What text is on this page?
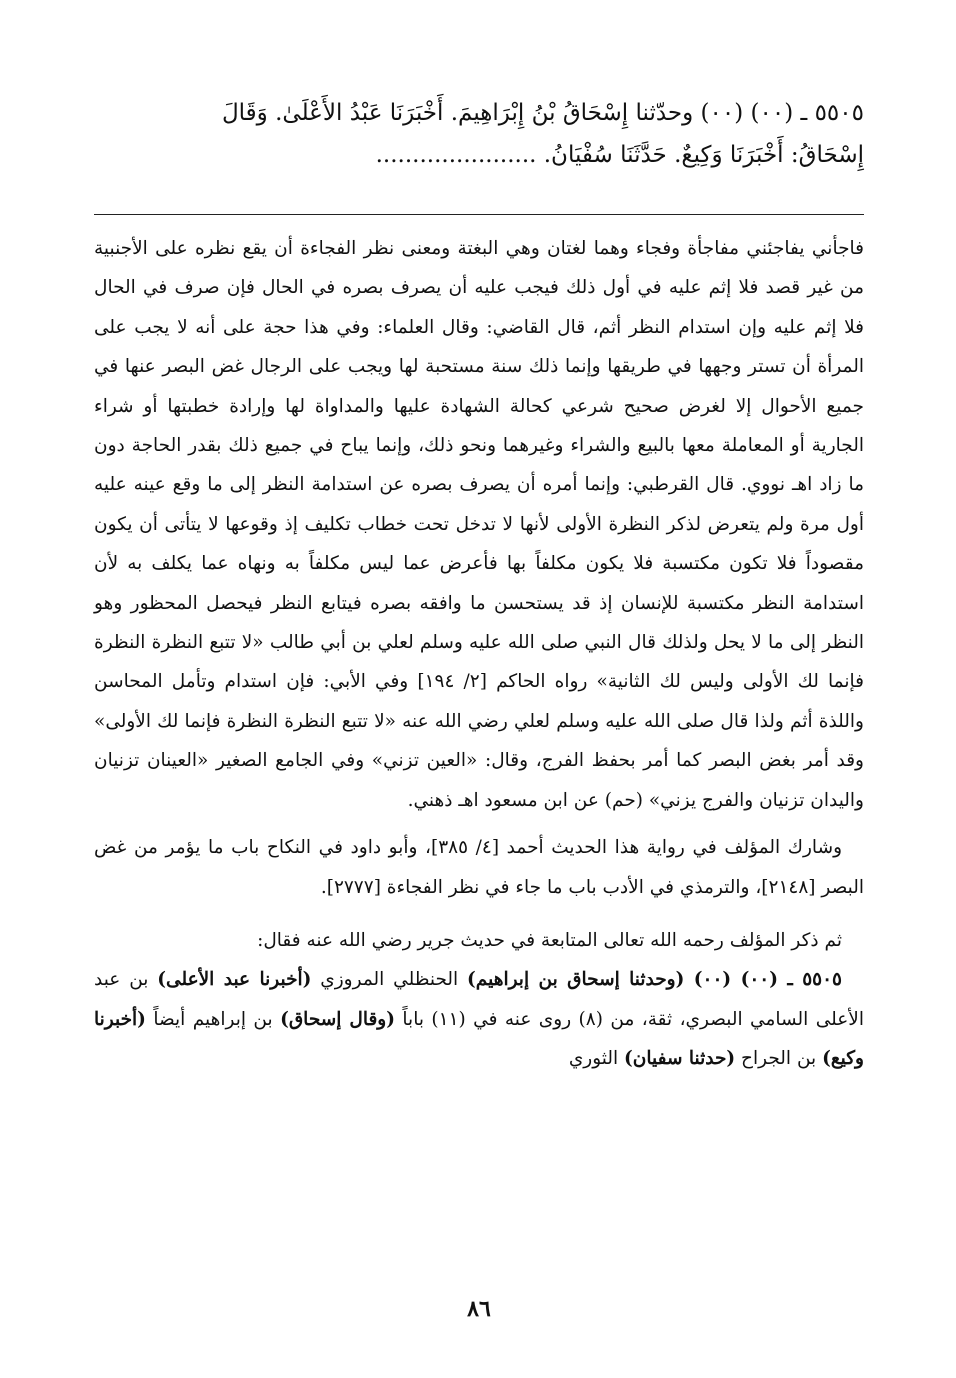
٥٥٠٥ ـ (٠٠) (٠٠) وحدّثنا إِسْحَاقُ بْنُ إِبْرَاهِيمَ. أَخْبَرَنَا عَبْدُ الأَعْلَىٰ. وَقَالَ
إِسْحَاقُ: أَخْبَرَنَا وَكِيعٌ. حَدَّثَنَا سُفْيَانُ. ......................

فاجأني يفاجئني مفاجأة وفجاء وهما لغتان وهي البغتة ومعنى نظر الفجاءة أن يقع نظره على الأجنبية من غير قصد فلا إثم عليه في أول ذلك فيجب عليه أن يصرف بصره في الحال فإن صرف في الحال فلا إثم عليه وإن استدام النظر أثم، قال القاضي: وقال العلماء: وفي هذا حجة على أنه لا يجب على المرأة أن تستر وجهها في طريقها وإنما ذلك سنة مستحبة لها ويجب على الرجال غض البصر عنها في جميع الأحوال إلا لغرض صحيح شرعي كحالة الشهادة عليها والمداواة لها وإرادة خطبتها أو شراء الجارية أو المعاملة معها بالبيع والشراء وغيرهما ونحو ذلك، وإنما يباح في جميع ذلك بقدر الحاجة دون ما زاد اهـ نووي. قال القرطبي: وإنما أمره أن يصرف بصره عن استدامة النظر إلى ما وقع عينه عليه أول مرة ولم يتعرض لذكر النظرة الأولى لأنها لا تدخل تحت خطاب تكليف إذ وقوعها لا يتأتى أن يكون مقصوداً فلا تكون مكتسبة فلا يكون مكلفاً بها فأعرض عما ليس مكلفاً به ونهاه عما يكلف به لأن استدامة النظر مكتسبة للإنسان إذ قد يستحسن ما وافقه بصره فيتابع النظر فيحصل المحظور وهو النظر إلى ما لا يحل ولذلك قال النبي صلى الله عليه وسلم لعلي بن أبي طالب «لا تتبع النظرة النظرة فإنما لك الأولى وليس لك الثانية» رواه الحاكم [٢/ ١٩٤] وفي الأبي: فإن استدام وتأمل المحاسن واللذة أثم ولذا قال صلى الله عليه وسلم لعلي رضي الله عنه «لا تتبع النظرة النظرة فإنما لك الأولى» وقد أمر بغض البصر كما أمر بحفظ الفرج، وقال: «العين تزني» وفي الجامع الصغير «العينان تزنيان واليدان تزنيان والفرج يزني» (حم) عن ابن مسعود اهـ ذهني.

وشارك المؤلف في رواية هذا الحديث أحمد [٤/ ٣٨٥]، وأبو داود في النكاح باب ما يؤمر من غض البصر [٢١٤٨]، والترمذي في الأدب باب ما جاء في نظر الفجاءة [٢٧٧٧].

ثم ذكر المؤلف رحمه الله تعالى المتابعة في حديث جرير رضي الله عنه فقال:

٥٥٠٥ ـ (٠٠) (٠٠) (وحدثنا إسحاق بن إبراهيم) الحنظلي المروزي (أخبرنا عبد الأعلى) بن عبد الأعلى السامي البصري، ثقة، من (٨) روى عنه في (١١) باباً (وقال إسحاق) بن إبراهيم أيضاً (أخبرنا وكيع) بن الجراح (حدثنا سفيان) الثوري

٨٦
